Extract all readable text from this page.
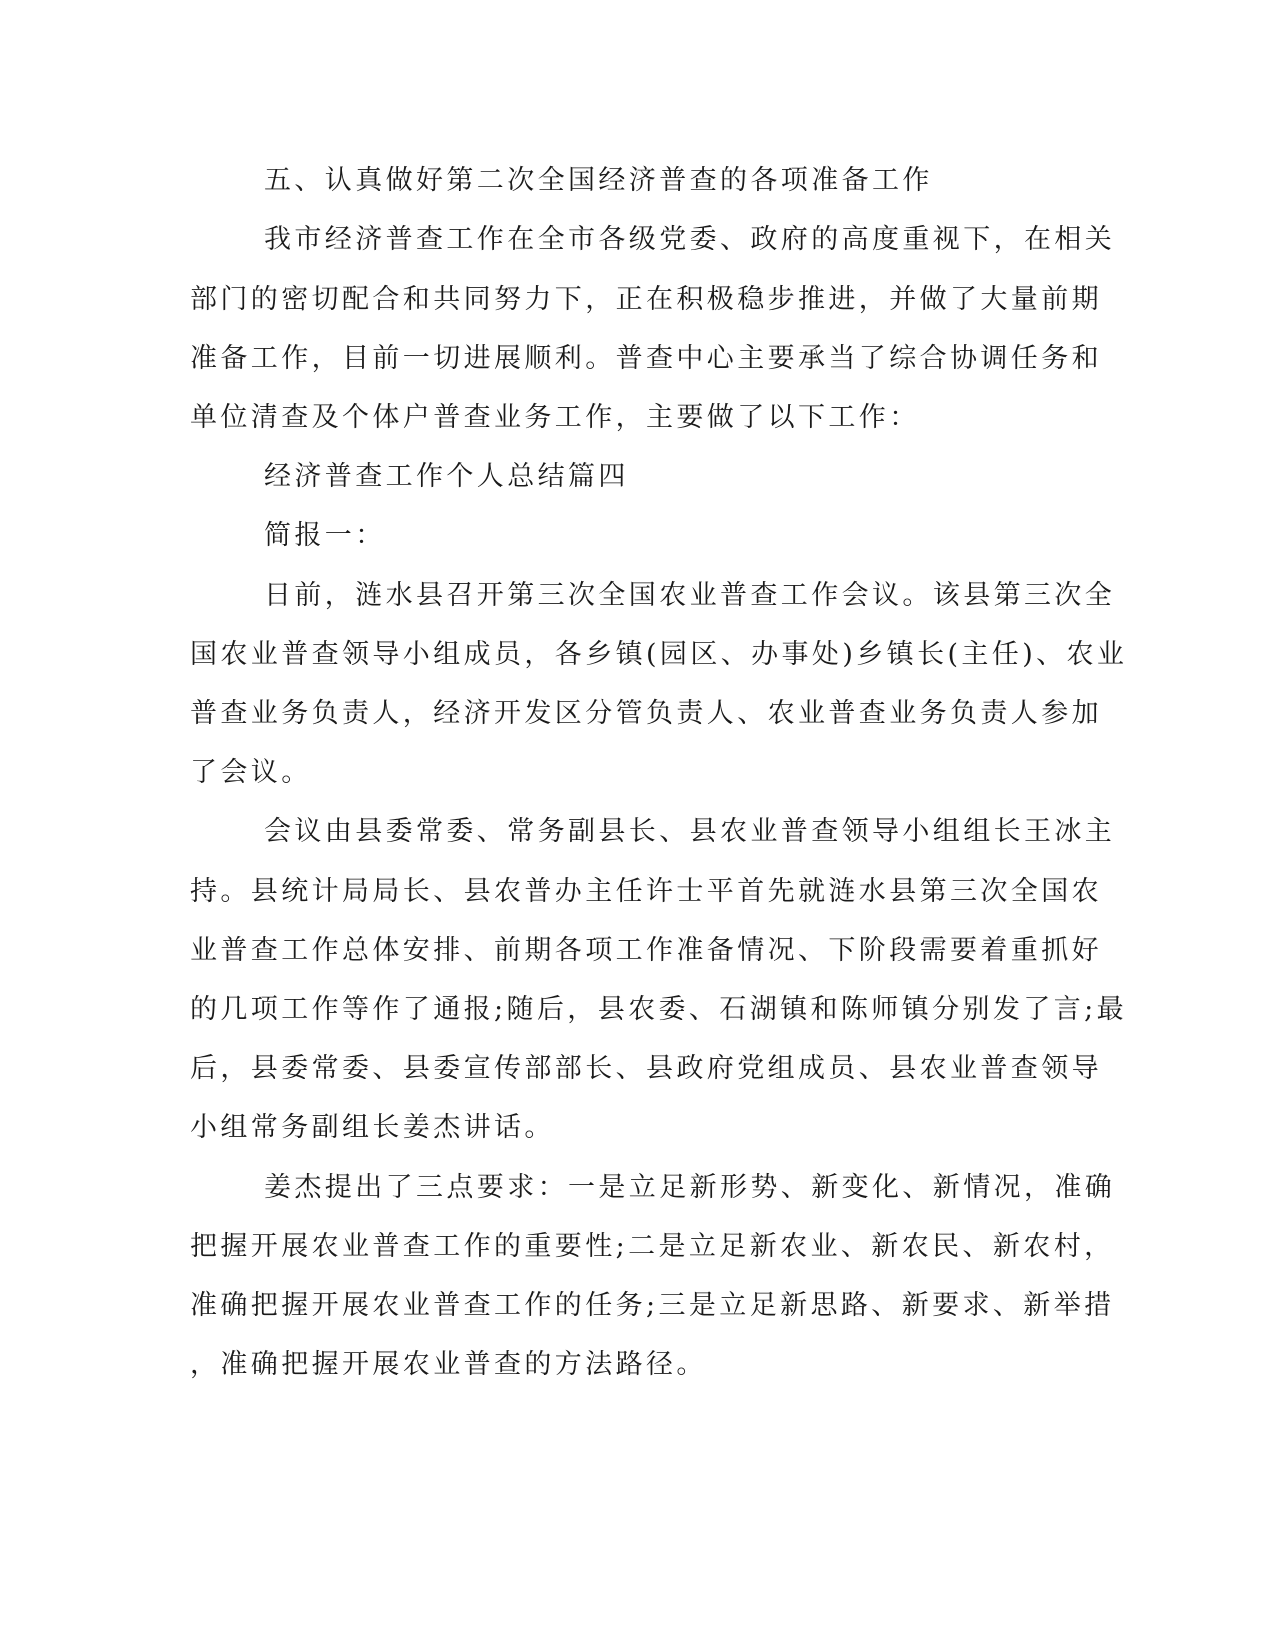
五、认真做好第二次全国经济普查的各项准备工作

我市经济普查工作在全市各级党委、政府的高度重视下，在相关

部门的密切配合和共同努力下，正在积极稳步推进，并做了大量前期

准备工作，目前一切进展顺利。普查中心主要承当了综合协调任务和

单位清查及个体户普查业务工作，主要做了以下工作：

经济普查工作个人总结篇四

简报一：

日前，涟水县召开第三次全国农业普查工作会议。该县第三次全

国农业普查领导小组成员，各乡镇(园区、办事处)乡镇长(主任)、农业

普查业务负责人，经济开发区分管负责人、农业普查业务负责人参加

了会议。

会议由县委常委、常务副县长、县农业普查领导小组组长王冰主

持。县统计局局长、县农普办主任许士平首先就涟水县第三次全国农

业普查工作总体安排、前期各项工作准备情况、下阶段需要着重抓好

的几项工作等作了通报;随后，县农委、石湖镇和陈师镇分别发了言;最

后，县委常委、县委宣传部部长、县政府党组成员、县农业普查领导

小组常务副组长姜杰讲话。

姜杰提出了三点要求：一是立足新形势、新变化、新情况，准确

把握开展农业普查工作的重要性;二是立足新农业、新农民、新农村，

准确把握开展农业普查工作的任务;三是立足新思路、新要求、新举措

，准确把握开展农业普查的方法路径。
